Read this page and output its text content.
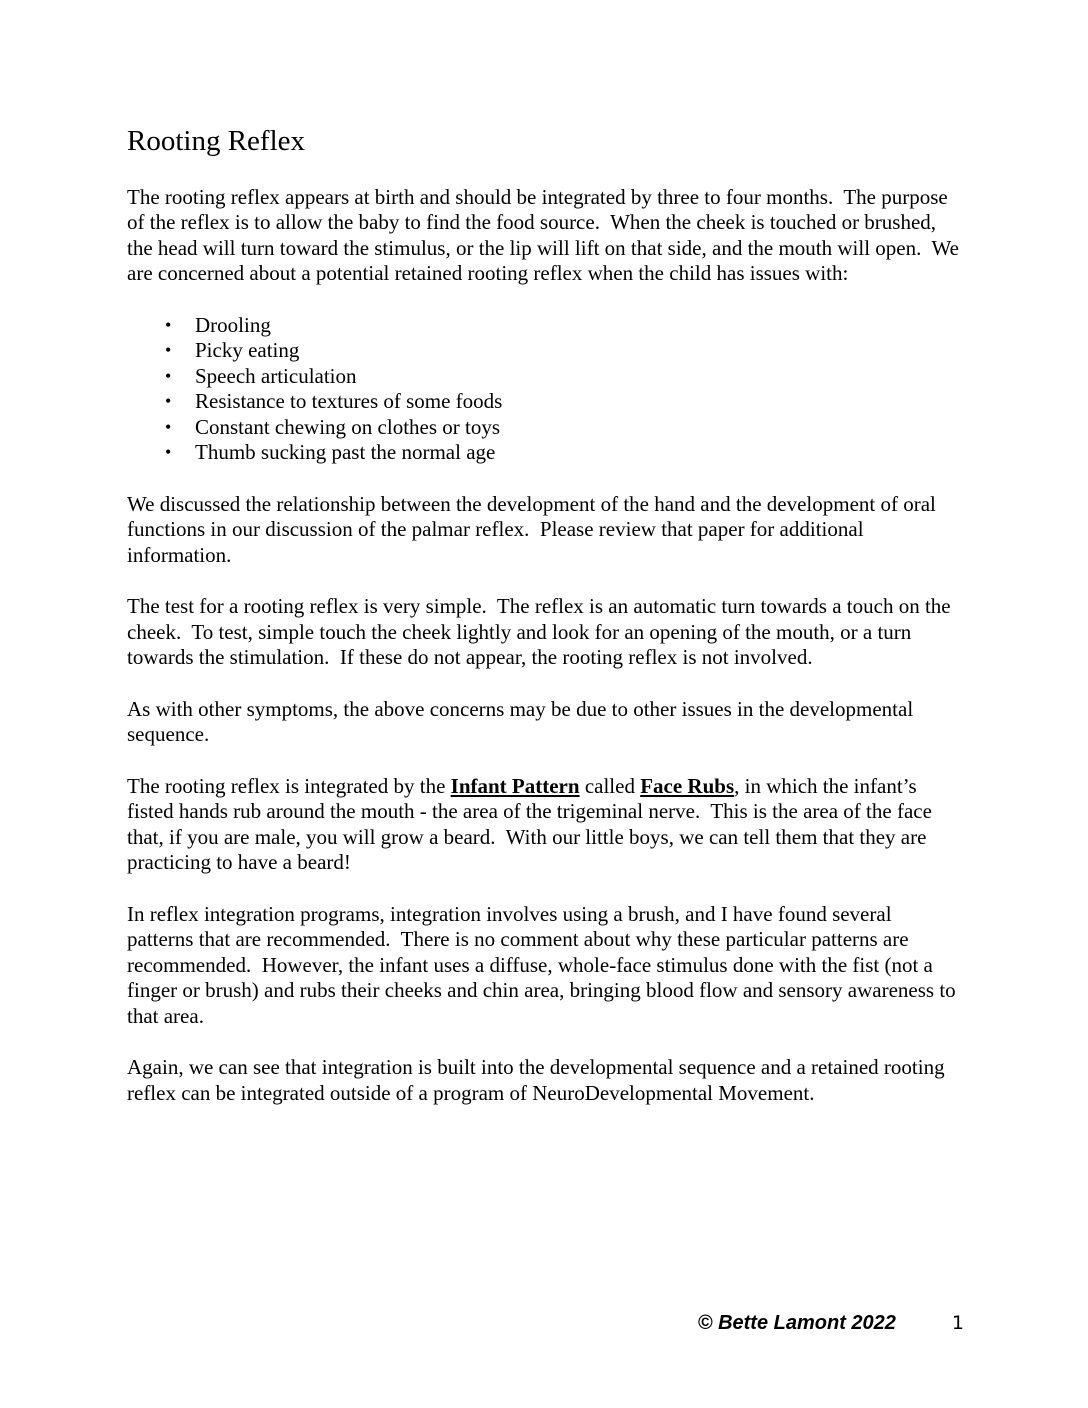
Rooting Reflex

The rooting reflex appears at birth and should be integrated by three to four months.  The purpose of the reflex is to allow the baby to find the food source.  When the cheek is touched or brushed, the head will turn toward the stimulus, or the lip will lift on that side, and the mouth will open.  We are concerned about a potential retained rooting reflex when the child has issues with:

•	Drooling
•	Picky eating
•	Speech articulation
•	Resistance to textures of some foods
•	Constant chewing on clothes or toys
•	Thumb sucking past the normal age

We discussed the relationship between the development of the hand and the development of oral functions in our discussion of the palmar reflex.  Please review that paper for additional information.

The test for a rooting reflex is very simple.  The reflex is an automatic turn towards a touch on the cheek.  To test, simple touch the cheek lightly and look for an opening of the mouth, or a turn towards the stimulation.  If these do not appear, the rooting reflex is not involved.

As with other symptoms, the above concerns may be due to other issues in the developmental sequence.

The rooting reflex is integrated by the Infant Pattern called Face Rubs, in which the infant’s fisted hands rub around the mouth - the area of the trigeminal nerve.  This is the area of the face that, if you are male, you will grow a beard.  With our little boys, we can tell them that they are practicing to have a beard!

In reflex integration programs, integration involves using a brush, and I have found several patterns that are recommended.  There is no comment about why these particular patterns are recommended.  However, the infant uses a diffuse, whole-face stimulus done with the fist (not a finger or brush) and rubs their cheeks and chin area, bringing blood flow and sensory awareness to that area.

Again, we can see that integration is built into the developmental sequence and a retained rooting reflex can be integrated outside of a program of NeuroDevelopmental Movement.

© Bette Lamont 2022	1
